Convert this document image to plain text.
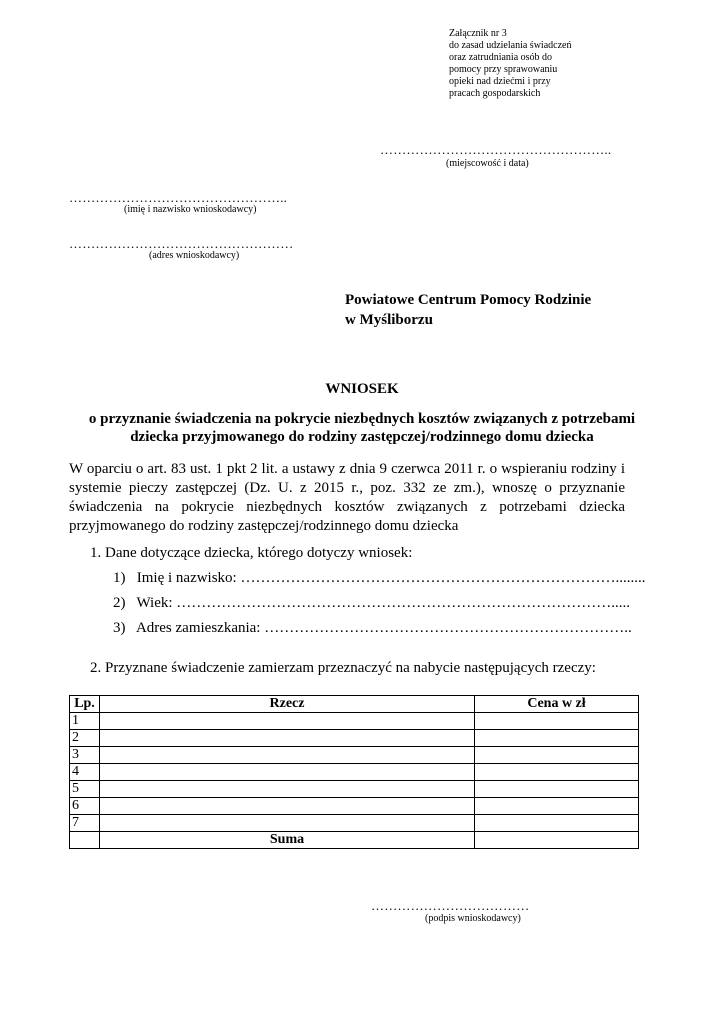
Załącznik nr 3
do zasad udzielania świadczeń
oraz zatrudniania osób do
pomocy przy sprawowaniu
opieki nad dziećmi i przy
pracach gospodarskich
……………………………………………..
(miejscowość i data)
…………………………………………..
(imię i nazwisko wnioskodawcy)
……………………………………………
(adres wnioskodawcy)
Powiatowe Centrum Pomocy Rodzinie
w Myśliborzu
WNIOSEK
o przyznanie świadczenia na pokrycie niezbędnych kosztów związanych z potrzebami
dziecka przyjmowanego do rodziny zastępczej/rodzinnego domu dziecka
W oparciu o art. 83 ust. 1 pkt 2 lit. a ustawy z dnia 9 czerwca 2011 r. o wspieraniu rodziny i systemie pieczy zastępczej (Dz. U. z 2015 r., poz. 332 ze zm.), wnoszę o przyznanie świadczenia na pokrycie niezbędnych kosztów związanych z potrzebami dziecka przyjmowanego do rodziny zastępczej/rodzinnego domu dziecka
1. Dane dotyczące dziecka, którego dotyczy wniosek:
1) Imię i nazwisko: …………………………………………………………………........
2) Wiek: …………………………………………………………………………….....
3) Adres zamieszkania: ………………………………………………………………..
2. Przyznane świadczenie zamierzam przeznaczyć na nabycie następujących rzeczy:
Lp.	Rzecz	Cena w zł
1		
2		
3		
4		
5		
6		
7		
	Suma	
………………………………
(podpis wnioskodawcy)
